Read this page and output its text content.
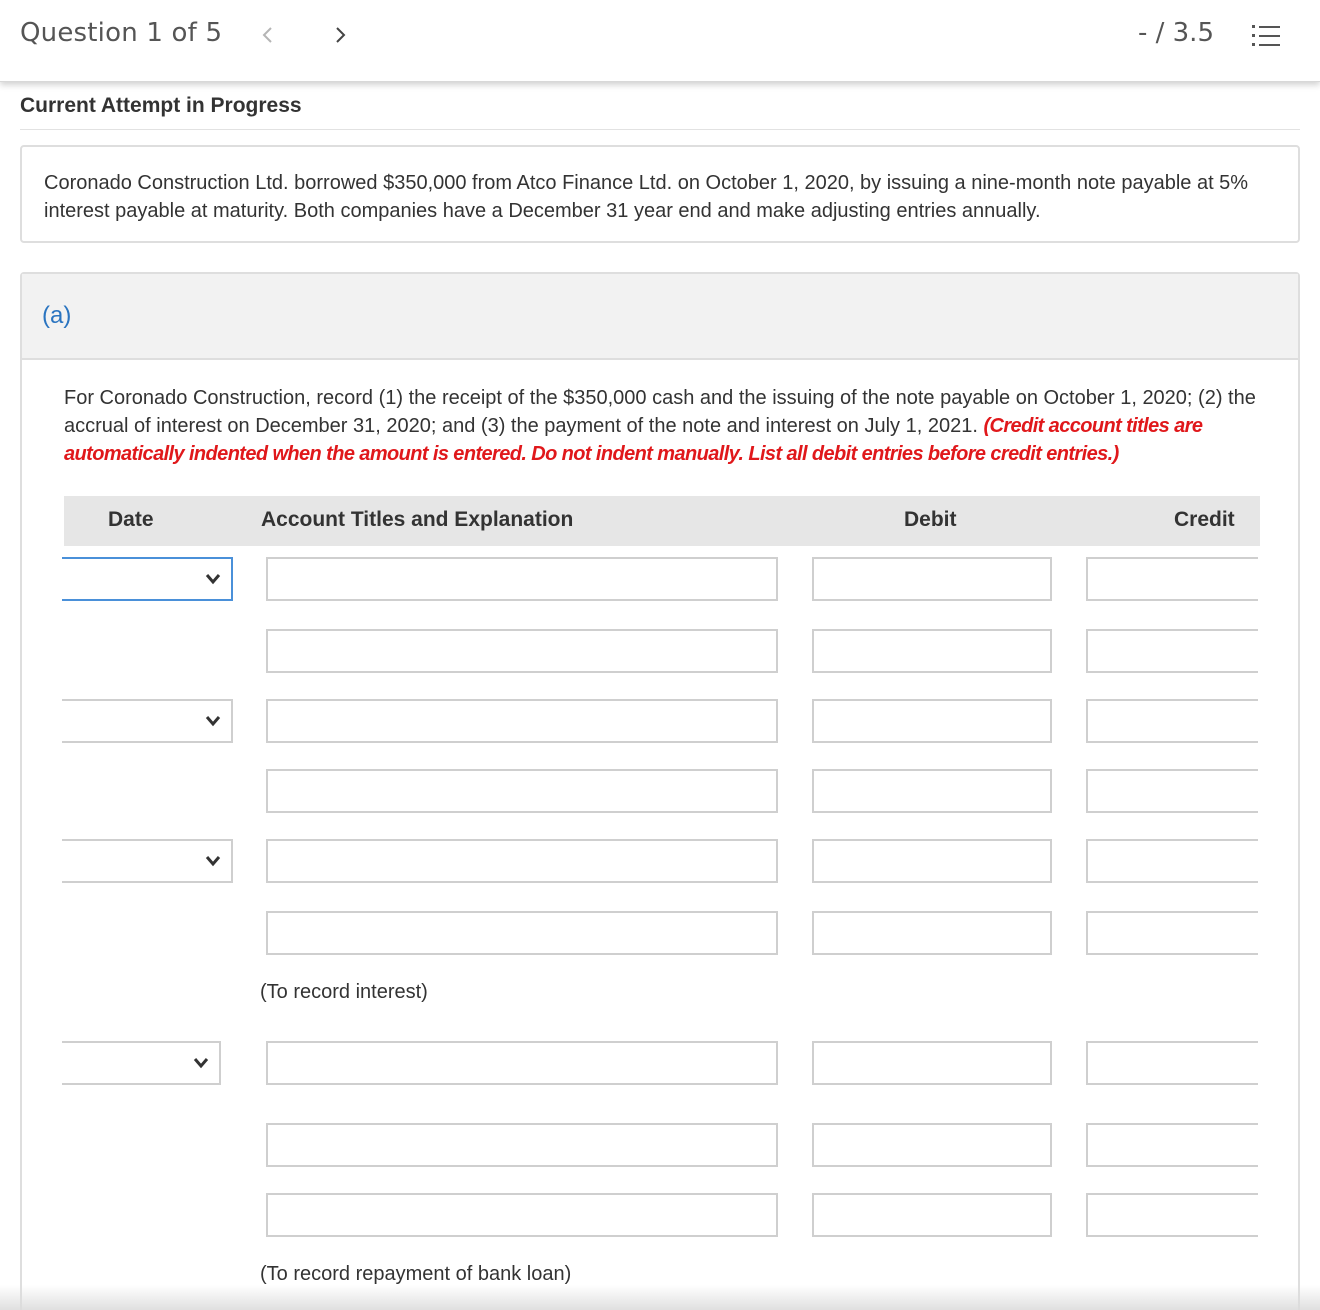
Question 1 of 5	- / 3.5
Current Attempt in Progress
Coronado Construction Ltd. borrowed $350,000 from Atco Finance Ltd. on October 1, 2020, by issuing a nine-month note payable at 5% interest payable at maturity. Both companies have a December 31 year end and make adjusting entries annually.
(a)
For Coronado Construction, record (1) the receipt of the $350,000 cash and the issuing of the note payable on October 1, 2020; (2) the accrual of interest on December 31, 2020; and (3) the payment of the note and interest on July 1, 2021. (Credit account titles are automatically indented when the amount is entered. Do not indent manually. List all debit entries before credit entries.)
Date	Account Titles and Explanation	Debit	Credit
(To record interest)
(To record repayment of bank loan)
